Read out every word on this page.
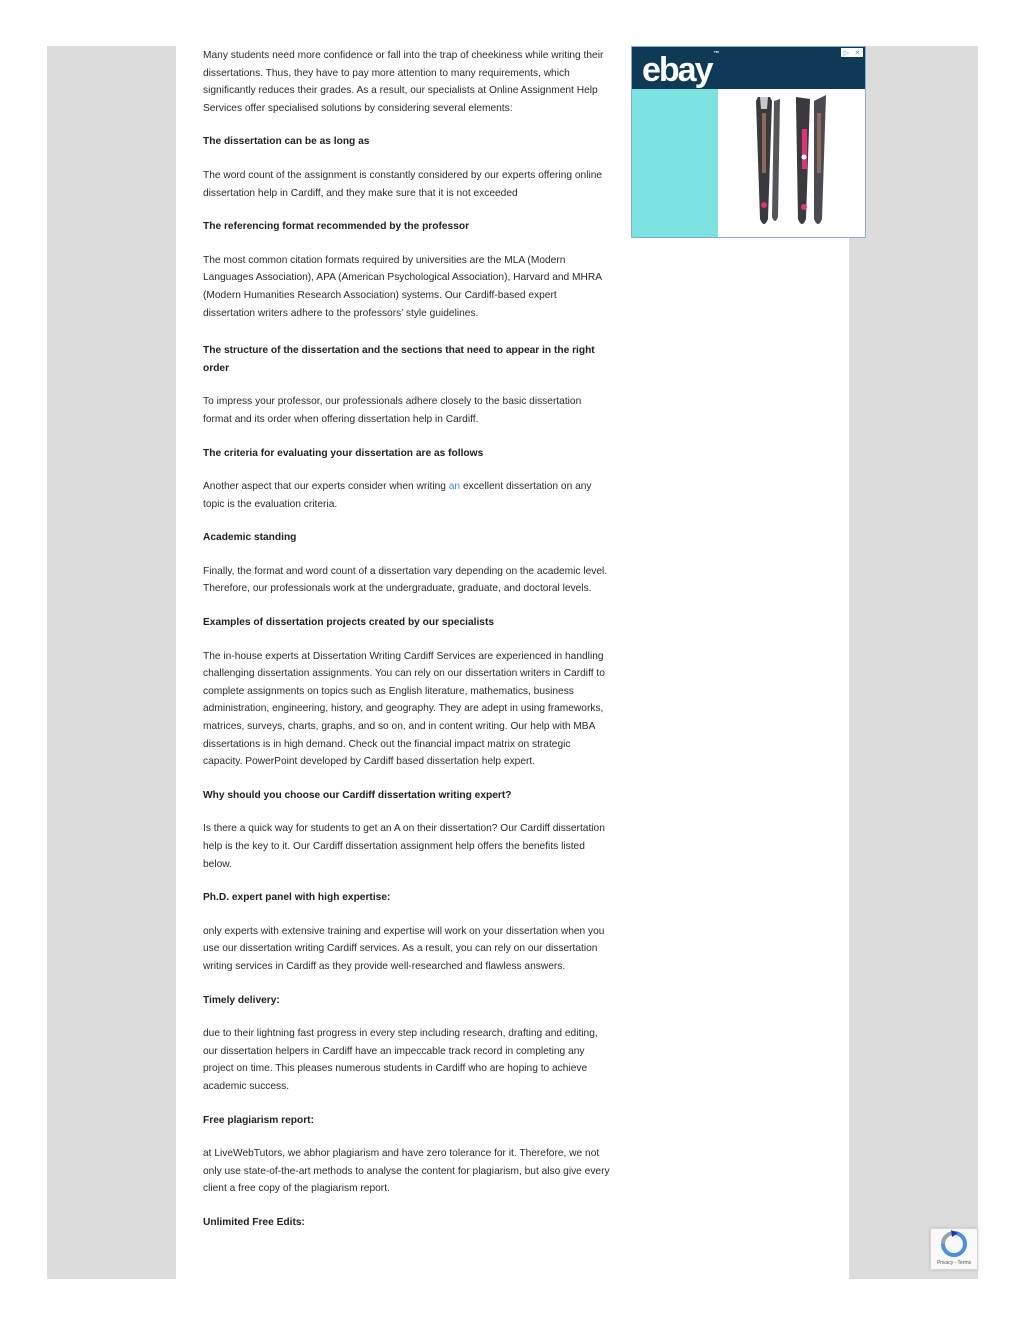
Many students need more confidence or fall into the trap of cheekiness while writing their dissertations. Thus, they have to pay more attention to many requirements, which significantly reduces their grades. As a result, our specialists at Online Assignment Help Services offer specialised solutions by considering several elements:

The dissertation can be as long as

The word count of the assignment is constantly considered by our experts offering online dissertation help in Cardiff, and they make sure that it is not exceeded

The referencing format recommended by the professor

The most common citation formats required by universities are the MLA (Modern Languages Association), APA (American Psychological Association), Harvard and MHRA (Modern Humanities Research Association) systems. Our Cardiff-based expert dissertation writers adhere to the professors’ style guidelines.

The structure of the dissertation and the sections that need to appear in the right order

To impress your professor, our professionals adhere closely to the basic dissertation format and its order when offering dissertation help in Cardiff.

The criteria for evaluating your dissertation are as follows

Another aspect that our experts consider when writing an excellent dissertation on any topic is the evaluation criteria.

Academic standing

Finally, the format and word count of a dissertation vary depending on the academic level. Therefore, our professionals work at the undergraduate, graduate, and doctoral levels.

Examples of dissertation projects created by our specialists

The in-house experts at Dissertation Writing Cardiff Services are experienced in handling challenging dissertation assignments. You can rely on our dissertation writers in Cardiff to complete assignments on topics such as English literature, mathematics, business administration, engineering, history, and geography. They are adept in using frameworks, matrices, surveys, charts, graphs, and so on, and in content writing. Our help with MBA dissertations is in high demand. Check out the financial impact matrix on strategic capacity. PowerPoint developed by Cardiff based dissertation help expert.

Why should you choose our Cardiff dissertation writing expert?

Is there a quick way for students to get an A on their dissertation? Our Cardiff dissertation help is the key to it. Our Cardiff dissertation assignment help offers the benefits listed below.

Ph.D. expert panel with high expertise:

only experts with extensive training and expertise will work on your dissertation when you use our dissertation writing Cardiff services. As a result, you can rely on our dissertation writing services in Cardiff as they provide well-researched and flawless answers.

Timely delivery:

due to their lightning fast progress in every step including research, drafting and editing, our dissertation helpers in Cardiff have an impeccable track record in completing any project on time. This pleases numerous students in Cardiff who are hoping to achieve academic success.

Free plagiarism report:

at LiveWebTutors, we abhor plagiarism and have zero tolerance for it. Therefore, we not only use state-of-the-art methods to analyse the content for plagiarism, but also give every client a free copy of the plagiarism report.

Unlimited Free Edits:
ebay ™	▷ ✕
Privacy - Terms
